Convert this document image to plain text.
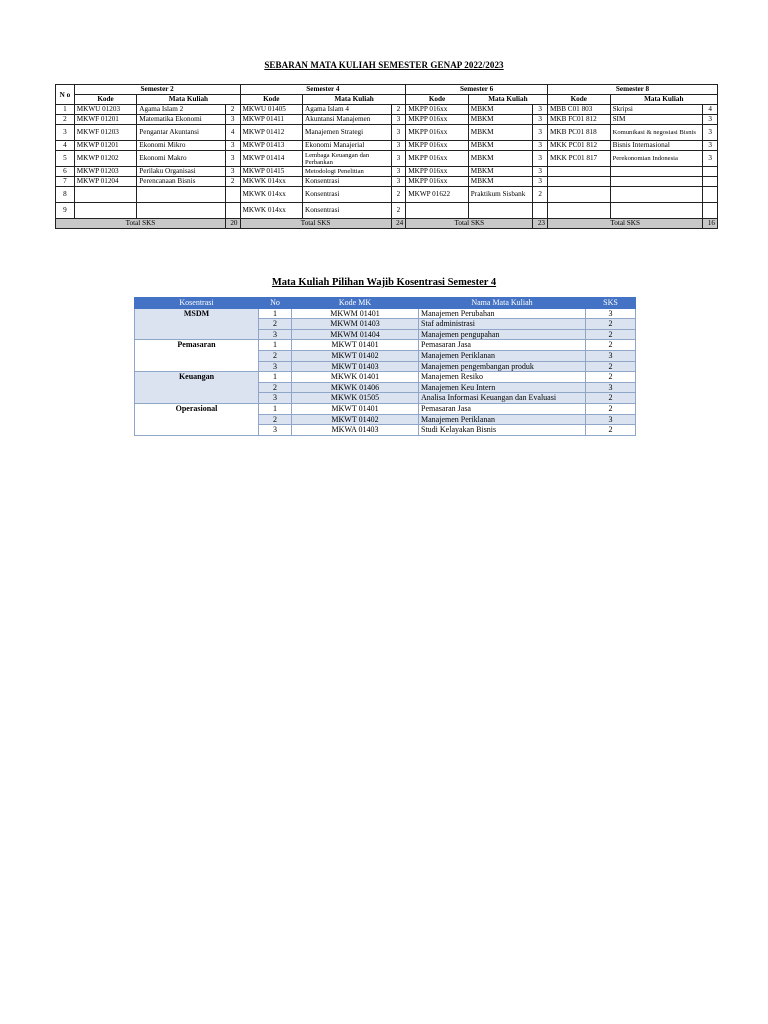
SEBARAN MATA KULIAH SEMESTER GENAP 2022/2023
N o	Semester 2			Semester 4			Semester 6			Semester 8		
	Kode	Mata Kuliah		Kode	Mata Kuliah		Kode	Mata Kuliah		Kode	Mata Kuliah	
1	MKWU 01203	Agama Islam 2	2	MKWU 01405	Agama Islam 4	2	MKPP 016xx	MBKM	3	MBB C01 803	Skripsi	4
2	MKWF 01201	Matematika Ekonomi	3	MKWP 01411	Akuntansi Manajemen	3	MKPP 016xx	MBKM	3	MKB FC01 812	SIM	3
3	MKWF 01203	Pengantar Akuntansi	4	MKWP 01412	Manajemen Strategi	3	MKPP 016xx	MBKM	3	MKB PC01 818	Komunikasi & negosiasi Bisnis	3
4	MKWP 01201	Ekonomi Mikro	3	MKWP 01413	Ekonomi Manajerial	3	MKPP 016xx	MBKM	3	MKK PC01 812	Bisnis Internasional	3
5	MKWP 01202	Ekonomi Makro	3	MKWP 01414	Lembaga Keuangan dan Perbankan	3	MKPP 016xx	MBKM	3	MKK PC01 817	Perekonomian Indonesia	3
6	MKWP 01203	Perilaku Organisasi	3	MKWP 01415	Metodologi Penelitian	3	MKPP 016xx	MBKM	3			
7	MKWP 01204	Perencanaan Bisnis	2	MKWK 014xx	Konsentrasi	3	MKPP 016xx	MBKM	3			
8				MKWK 014xx	Konsentrasi	2	MKWP 01622	Praktikum Sisbank	2			
9				MKWK 014xx	Konsentrasi	2						
Total SKS			20	Total SKS		24	Total SKS		23	Total SKS		16
Mata Kuliah Pilihan Wajib Kosentrasi Semester 4
Kosentrasi	No	Kode MK	Nama Mata Kuliah	SKS
MSDM	1	MKWM 01401	Manajemen Perubahan	3
	2	MKWM 01403	Staf administrasi	2
	3	MKWM 01404	Manajemen pengupahan	2
Pemasaran	1	MKWT 01401	Pemasaran Jasa	2
	2	MKWT 01402	Manajemen Periklanan	3
	3	MKWT 01403	Manajemen pengembangan produk	2
Keuangan	1	MKWK 01401	Manajemen Resiko	2
	2	MKWK 01406	Manajemen Keu Intern	3
	3	MKWK 01505	Analisa Informasi Keuangan dan Evaluasi	2
Operasional	1	MKWT 01401	Pemasaran Jasa	2
	2	MKWT 01402	Manajemen Periklanan	3
	3	MKWA 01403	Studi Kelayakan Bisnis	2
